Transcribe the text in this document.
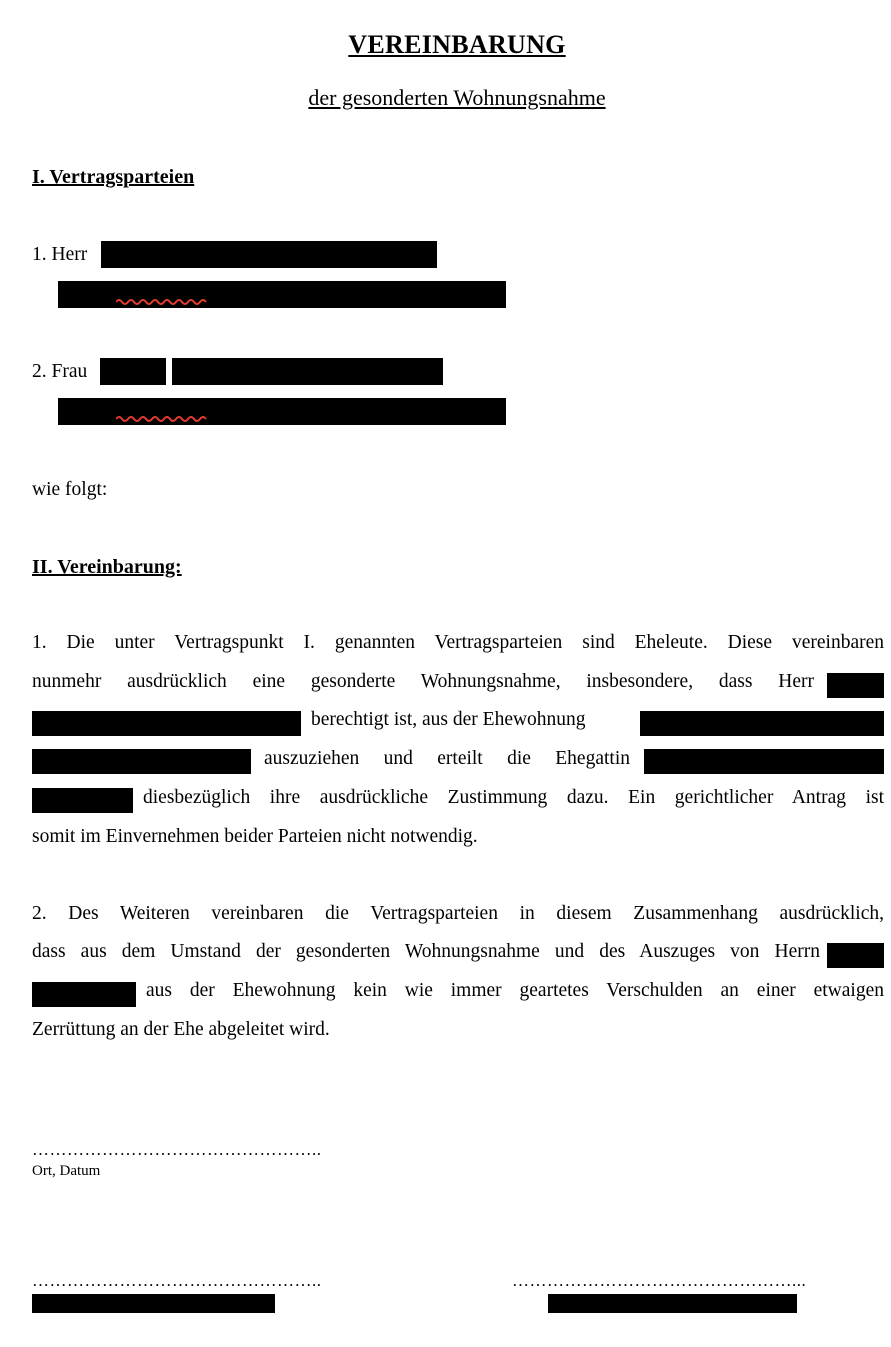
VEREINBARUNG
der gesonderten Wohnungsnahme
I. Vertragsparteien
1. Herr
2. Frau
wie folgt:
II. Vereinbarung:
1. Die unter Vertragspunkt I. genannten Vertragsparteien sind Eheleute. Diese vereinbaren
nunmehr ausdrücklich eine gesonderte Wohnungsnahme, insbesondere, dass Herr
berechtigt ist, aus der Ehewohnung
auszuziehen und erteilt die Ehegattin
diesbezüglich ihre ausdrückliche Zustimmung dazu. Ein gerichtlicher Antrag ist
somit im Einvernehmen beider Parteien nicht notwendig.
2. Des Weiteren vereinbaren die Vertragsparteien in diesem Zusammenhang ausdrücklich,
dass aus dem Umstand der gesonderten Wohnungsnahme und des Auszuges von Herrn
aus der Ehewohnung kein wie immer geartetes Verschulden an einer etwaigen
Zerrüttung an der Ehe abgeleitet wird.
…………………………………………..
Ort, Datum
…………………………………………..	…………………………………………...
